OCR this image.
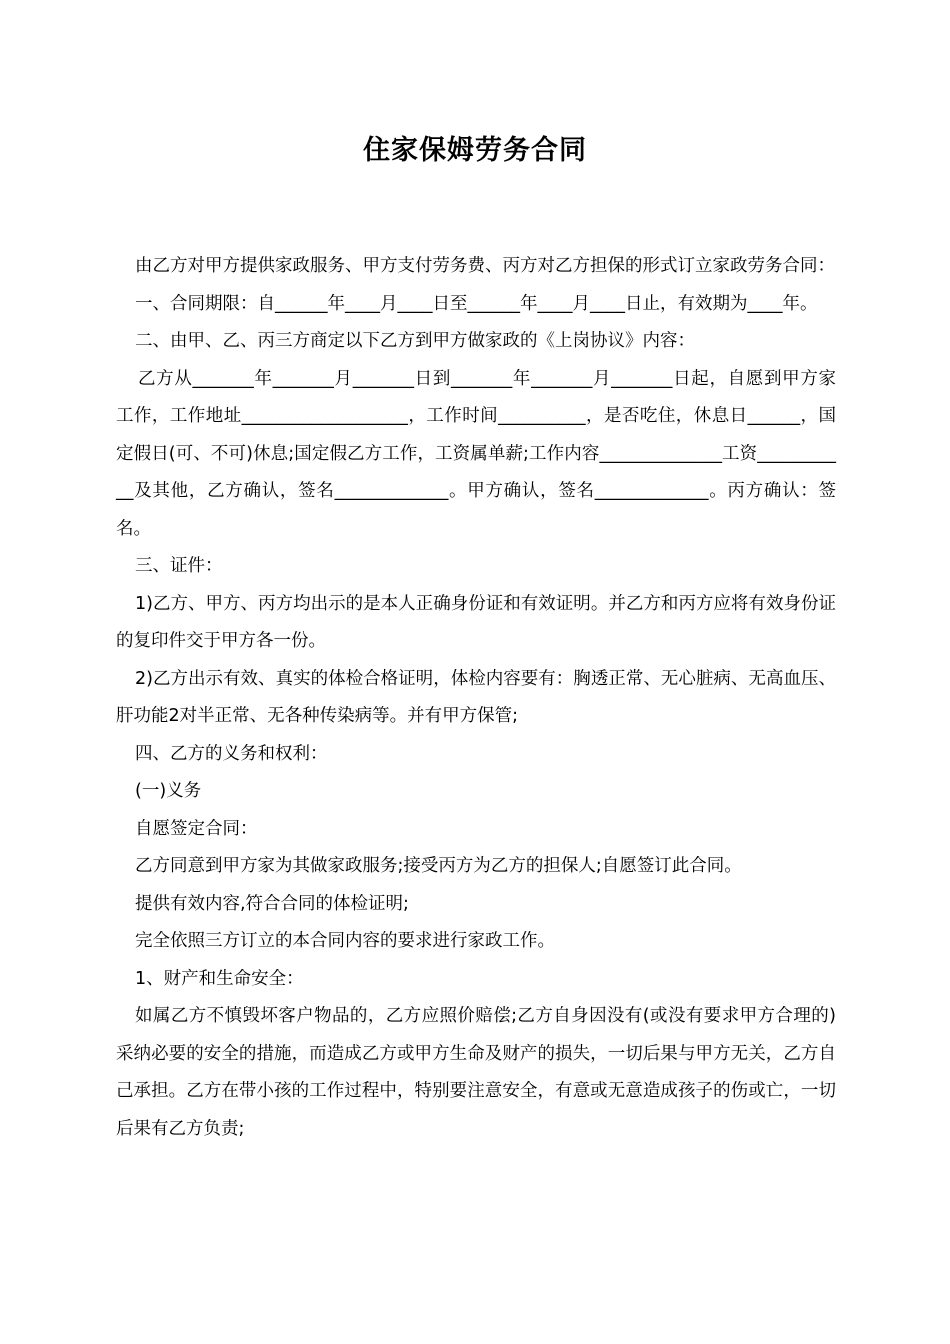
住家保姆劳务合同

由乙方对甲方提供家政服务、甲方支付劳务费、丙方对乙方担保的形式订立家政劳务合同：

一、合同期限：自______年____月____日至______年____月____日止，有效期为____年。

二、由甲、乙、丙三方商定以下乙方到甲方做家政的《上岗协议》内容：

乙方从_______年_______月_______日到_______年_______月_______日起，自愿到甲方家工作，工作地址___________________，工作时间__________，是否吃住，休息日______，国定假日(可、不可)休息;国定假乙方工作，工资属单薪;工作内容______________工资___________及其他，乙方确认，签名_____________。甲方确认，签名_____________。丙方确认：签名。

三、证件：

1)乙方、甲方、丙方均出示的是本人正确身份证和有效证明。并乙方和丙方应将有效身份证的复印件交于甲方各一份。

2)乙方出示有效、真实的体检合格证明，体检内容要有：胸透正常、无心脏病、无高血压、肝功能2对半正常、无各种传染病等。并有甲方保管;

四、乙方的义务和权利：

(一)义务

自愿签定合同：

乙方同意到甲方家为其做家政服务;接受丙方为乙方的担保人;自愿签订此合同。

提供有效内容,符合合同的体检证明;

完全依照三方订立的本合同内容的要求进行家政工作。

1、财产和生命安全：

如属乙方不慎毁坏客户物品的，乙方应照价赔偿;乙方自身因没有(或没有要求甲方合理的)采纳必要的安全的措施，而造成乙方或甲方生命及财产的损失，一切后果与甲方无关，乙方自己承担。乙方在带小孩的工作过程中，特别要注意安全，有意或无意造成孩子的伤或亡，一切后果有乙方负责;
